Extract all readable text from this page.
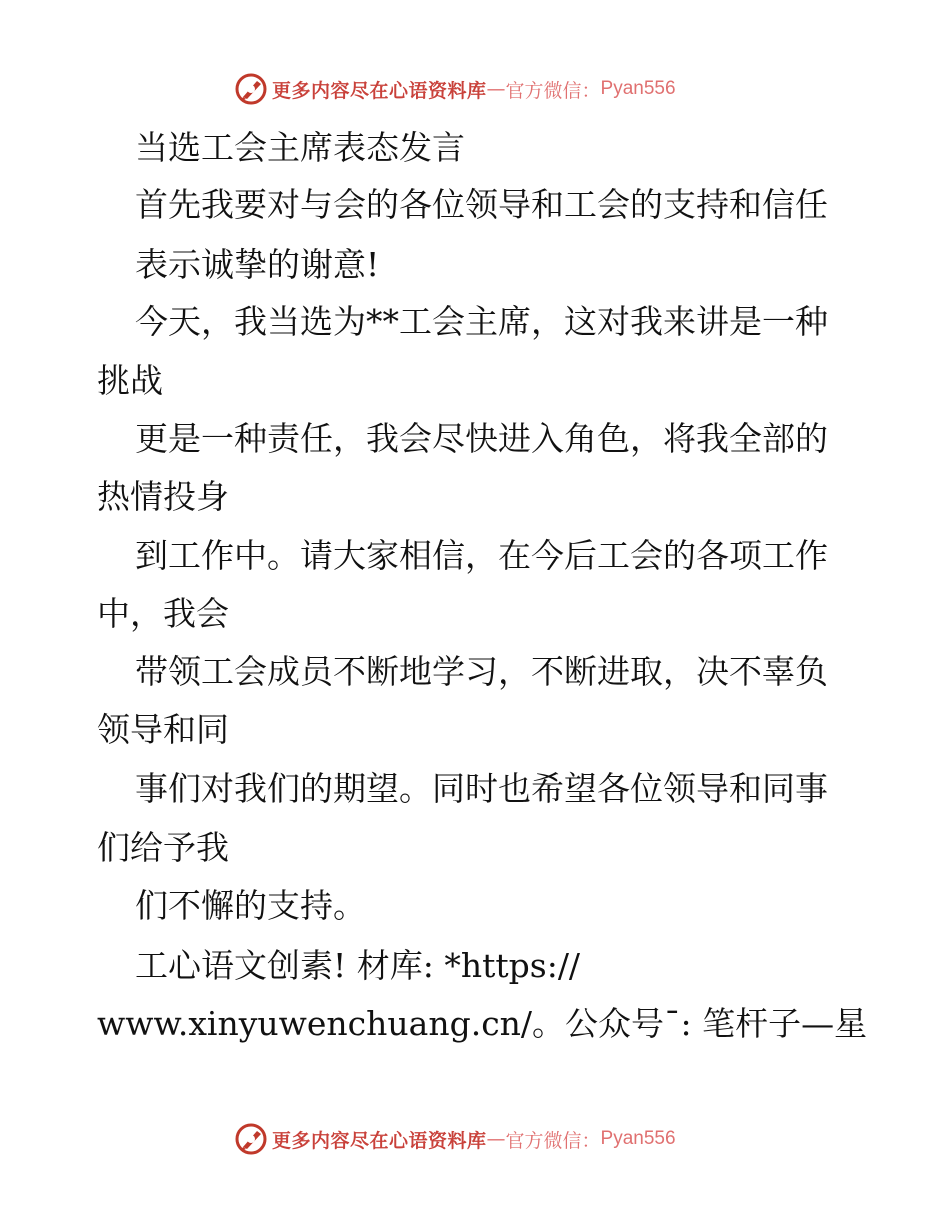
更多内容尽在心语资料库 — 官方微信： Pyan556
当选工会主席表态发言
首先我要对与会的各位领导和工会的支持和信任
表示诚挚的谢意!
今天，我当选为**工会主席，这对我来讲是一种
挑战
更是一种责任，我会尽快进入角色，将我全部的
热情投身
到工作中。请大家相信，在今后工会的各项工作
中，我会
带领工会成员不断地学习，不断进取，决不辜负
领导和同
事们对我们的期望。同时也希望各位领导和同事
们给予我
们不懈的支持。
工心语文创素! 材库: *https://
www.xinyuwenchuang.cn/。公众号¯: 笔杆子—星
更多内容尽在心语资料库 — 官方微信： Pyan556
